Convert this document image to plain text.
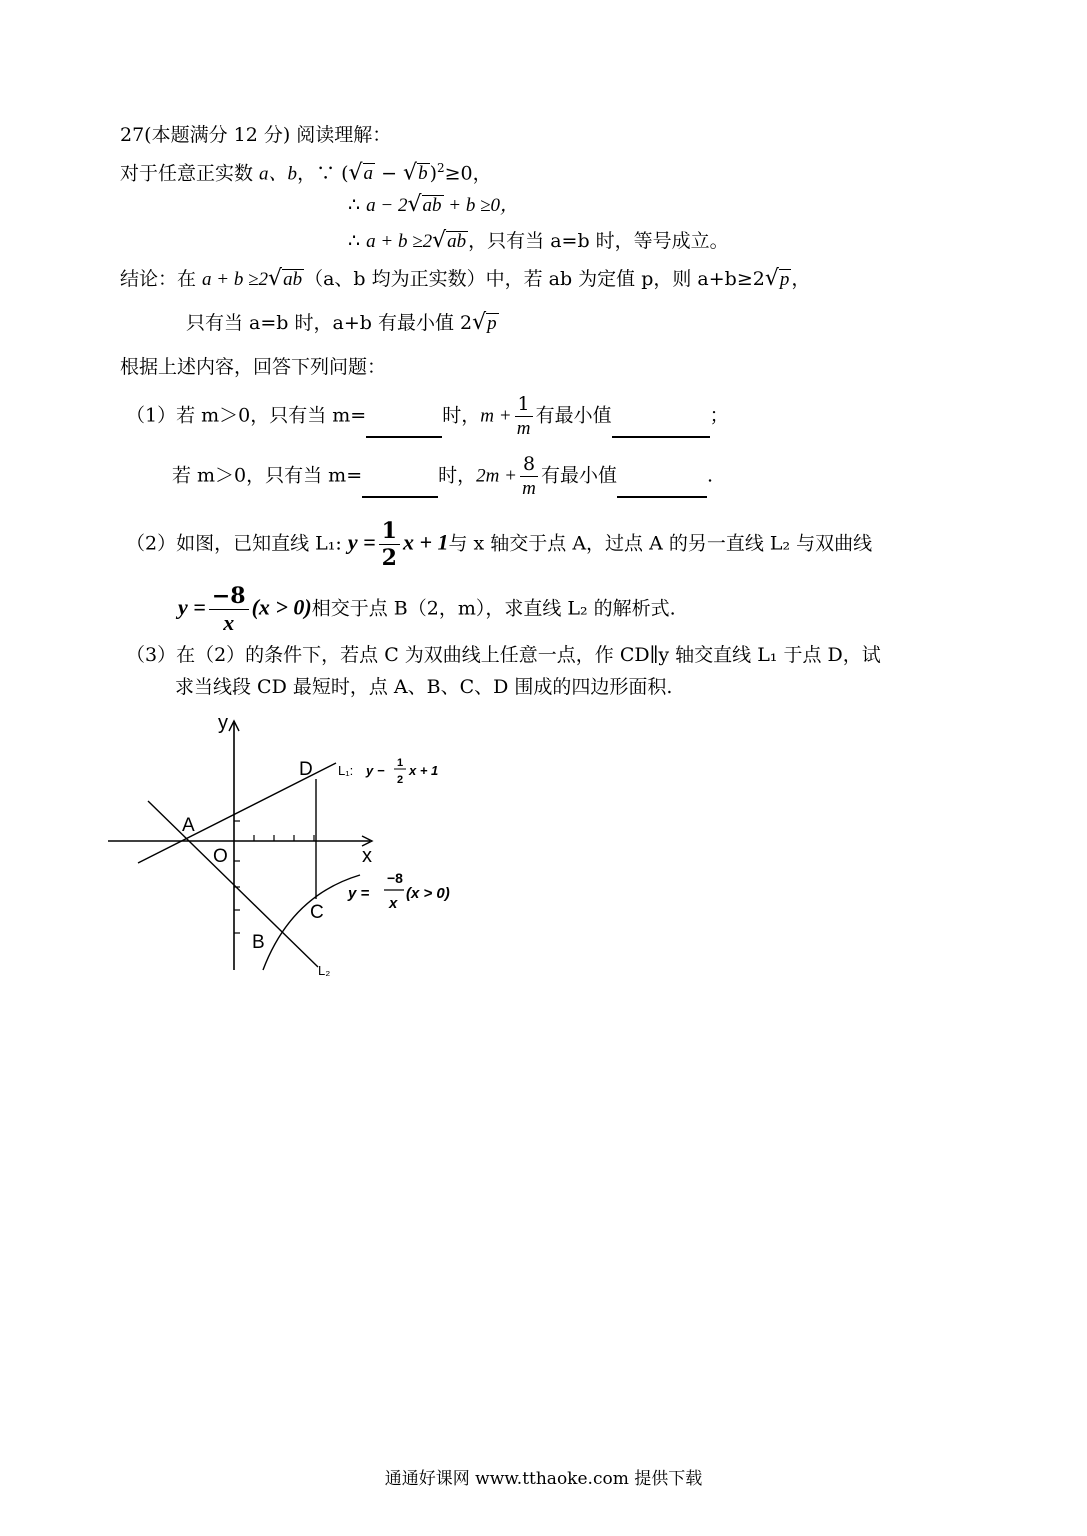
27(本题满分 12 分) 阅读理解：
对于任意正实数 a、b，∵ (√a − √b )$^2$≥0，
∴ a − 2√ab + b ≥0，
∴ a + b ≥2√ab ，只有当 a=b 时，等号成立。
结论：在 a + b ≥2√ab （a、b 均为正实数）中，若 ab 为定值 p，则 a+b≥2√p ，
只有当 a=b 时，a+b 有最小值 2√p
根据上述内容，回答下列问题：
（1）若 m＞0，只有当 m=	时，$m + \frac{1}{m}$ 有最小值	；
若 m＞0，只有当 m=	时，$2m + \frac{8}{m}$ 有最小值	.
（2）如图，已知直线 L₁: $y = \frac{1}{2}$ x + 1与 x 轴交于点 A，过点 A 的另一直线 L₂ 与双曲线
$y = \frac{-8}{x} (x > 0)$相交于点 B（2，m），求直线 L₂ 的解析式.
（3）在（2）的条件下，若点 C 为双曲线上任意一点，作 CD∥y 轴交直线 L₁ 于点 D，试
求当线段 CD 最短时，点 A、B、C、D 围成的四边形面积.
y
x
O
A
B
C
D
L₂
L₁: y − 1
2
x + 1
y =
−8
x
(x > 0)
通通好课网 www.tthaoke.com 提供下载
